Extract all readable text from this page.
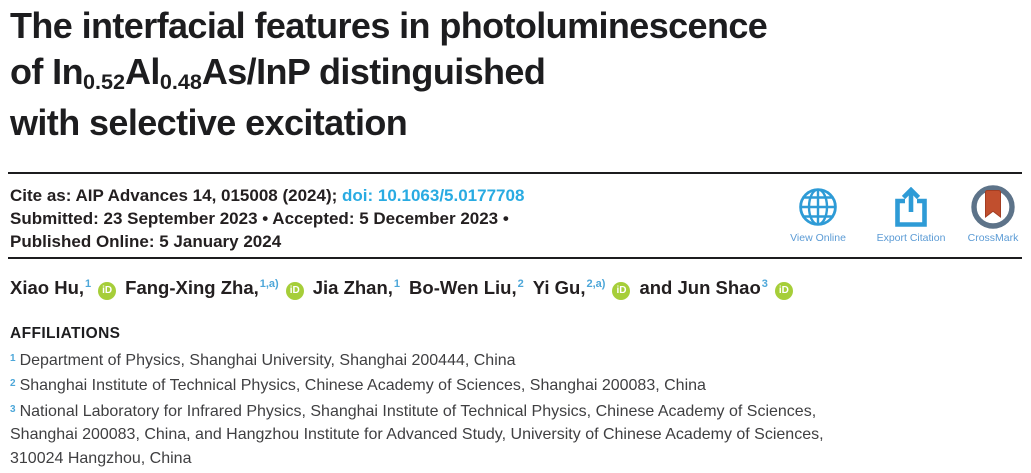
The interfacial features in photoluminescence
of In0.52Al0.48As/InP distinguished
with selective excitation
Cite as: AIP Advances 14, 015008 (2024); doi: 10.1063/5.0177708
Submitted: 23 September 2023 • Accepted: 5 December 2023 •
Published Online: 5 January 2024	View Online	Export Citation CrossMark
Xiao Hu,$^1$iD Fang-Xing Zha,$^{1,a)}$iD Jia Zhan,$^1$ Bo-Wen Liu,$^2$ Yi Gu,$^{2,a)}$iD and Jun Shao$^3$iD
AFFILIATIONS
$^1$ Department of Physics, Shanghai University, Shanghai 200444, China
$^2$ Shanghai Institute of Technical Physics, Chinese Academy of Sciences, Shanghai 200083, China
$^3$ National Laboratory for Infrared Physics, Shanghai Institute of Technical Physics, Chinese Academy of Sciences,
Shanghai 200083, China, and Hangzhou Institute for Advanced Study, University of Chinese Academy of Sciences,
310024 Hangzhou, China
